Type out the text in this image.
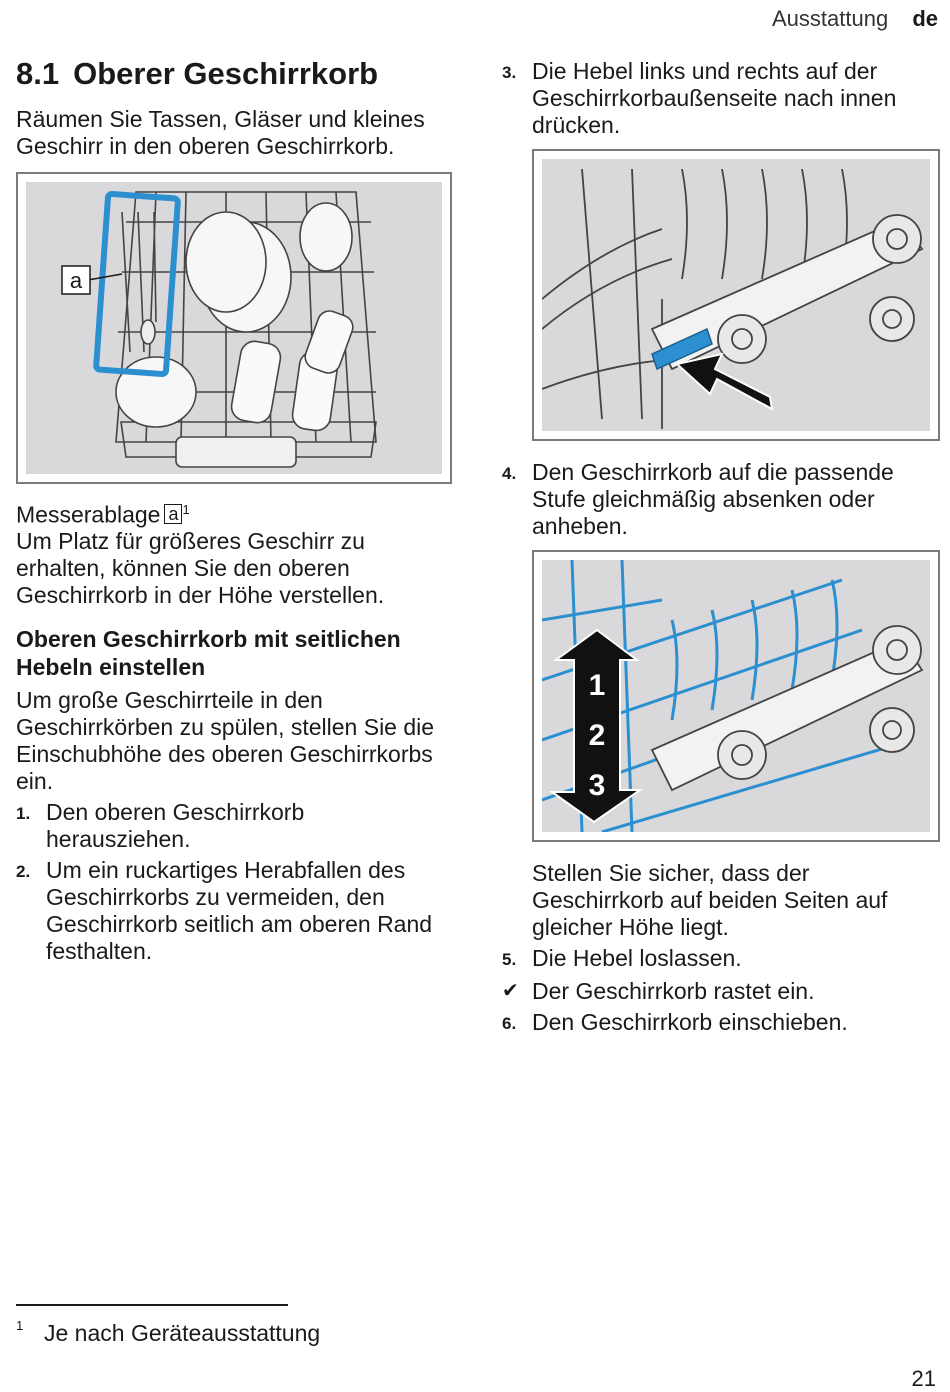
Ausstattung de
8.1 Oberer Geschirrkorb

Räumen Sie Tassen, Gläser und kleines Geschirr in den oberen Geschirrkorb.

a
Messerablage a $^1$

Um Platz für größeres Geschirr zu erhalten, können Sie den oberen Geschirrkorb in der Höhe verstellen.

Oberen Geschirrkorb mit seitlichen Hebeln einstellen

Um große Geschirrteile in den Geschirrkörben zu spülen, stellen Sie die Einschubhöhe des oberen Geschirrkorbs ein.

1. Den oberen Geschirrkorb herausziehen.
2. Um ein ruckartiges Herabfallen des Geschirrkorbs zu vermeiden, den Geschirrkorb seitlich am oberen Rand festhalten.
3. Die Hebel links und rechts auf der Geschirrkorbaußenseite nach innen drücken.
4. Den Geschirrkorb auf die passende Stufe gleichmäßig absenken oder anheben.
1
2
3

Stellen Sie sicher, dass der Geschirrkorb auf beiden Seiten auf gleicher Höhe liegt.

5. Die Hebel loslassen.
✔ Der Geschirrkorb rastet ein.
6. Den Geschirrkorb einschieben.
1 Je nach Geräteausstattung
21
